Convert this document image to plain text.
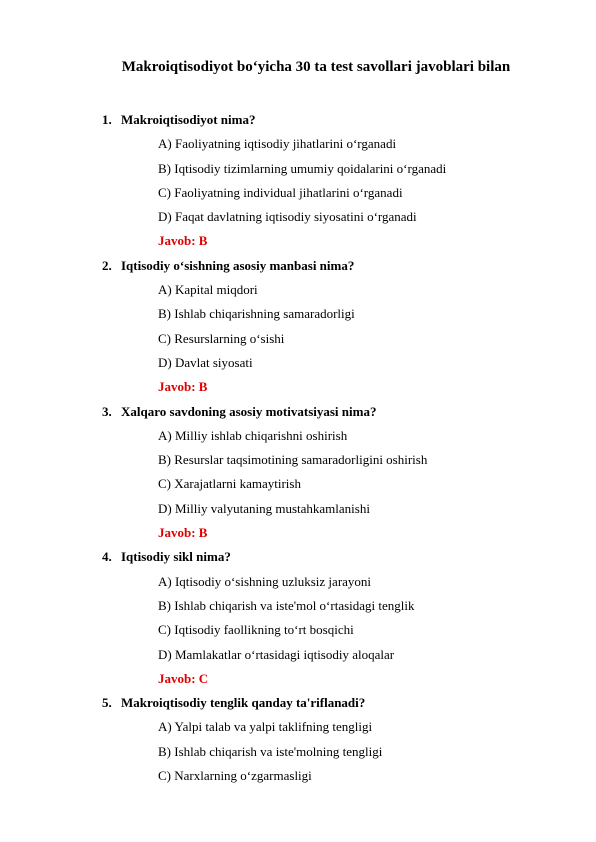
Makroiqtisodiyot bo‘yicha 30 ta test savollari javoblari bilan
1. Makroiqtisodiyot nima?
A) Faoliyatning iqtisodiy jihatlarini o‘rganadi
B) Iqtisodiy tizimlarning umumiy qoidalarini o‘rganadi
C) Faoliyatning individual jihatlarini o‘rganadi
D) Faqat davlatning iqtisodiy siyosatini o‘rganadi
Javob: B
2. Iqtisodiy o‘sishning asosiy manbasi nima?
A) Kapital miqdori
B) Ishlab chiqarishning samaradorligi
C) Resurslarning o‘sishi
D) Davlat siyosati
Javob: B
3. Xalqaro savdoning asosiy motivatsiyasi nima?
A) Milliy ishlab chiqarishni oshirish
B) Resurslar taqsimotining samaradorligini oshirish
C) Xarajatlarni kamaytirish
D) Milliy valyutaning mustahkamlanishi
Javob: B
4. Iqtisodiy sikl nima?
A) Iqtisodiy o‘sishning uzluksiz jarayoni
B) Ishlab chiqarish va iste'mol o‘rtasidagi tenglik
C) Iqtisodiy faollikning to‘rt bosqichi
D) Mamlakatlar o‘rtasidagi iqtisodiy aloqalar
Javob: C
5. Makroiqtisodiy tenglik qanday ta'riflanadi?
A) Yalpi talab va yalpi taklifning tengligi
B) Ishlab chiqarish va iste'molning tengligi
C) Narxlarning o‘zgarmasligi
